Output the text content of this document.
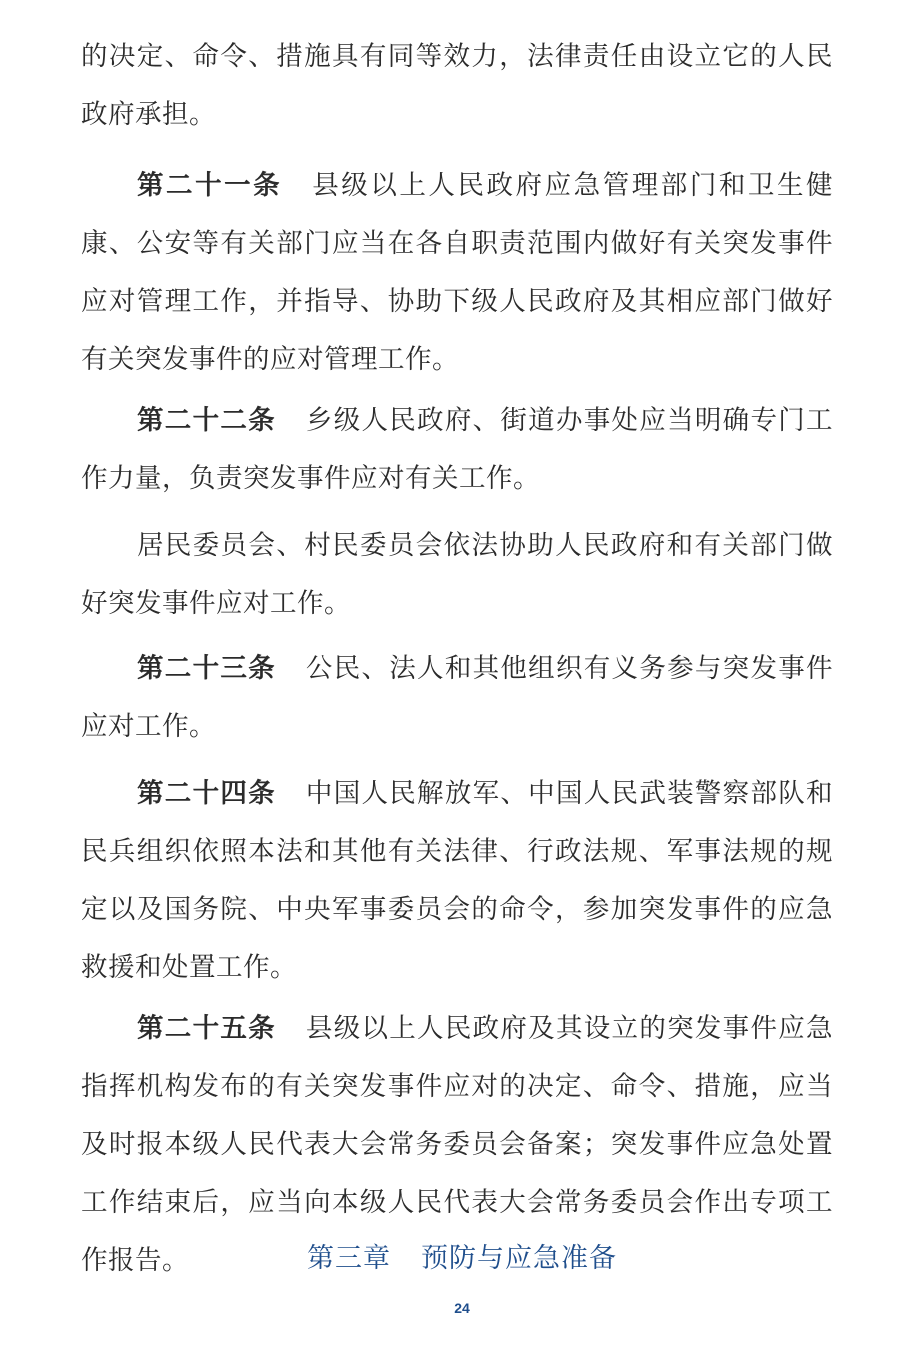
的决定、命令、措施具有同等效力，法律责任由设立它的人民政府承担。

第二十一条 县级以上人民政府应急管理部门和卫生健康、公安等有关部门应当在各自职责范围内做好有关突发事件应对管理工作，并指导、协助下级人民政府及其相应部门做好有关突发事件的应对管理工作。

第二十二条 乡级人民政府、街道办事处应当明确专门工作力量，负责突发事件应对有关工作。

居民委员会、村民委员会依法协助人民政府和有关部门做好突发事件应对工作。

第二十三条 公民、法人和其他组织有义务参与突发事件应对工作。

第二十四条 中国人民解放军、中国人民武装警察部队和民兵组织依照本法和其他有关法律、行政法规、军事法规的规定以及国务院、中央军事委员会的命令，参加突发事件的应急救援和处置工作。

第二十五条 县级以上人民政府及其设立的突发事件应急指挥机构发布的有关突发事件应对的决定、命令、措施，应当及时报本级人民代表大会常务委员会备案；突发事件应急处置工作结束后，应当向本级人民代表大会常务委员会作出专项工作报告。	第三章 预防与应急准备
24
